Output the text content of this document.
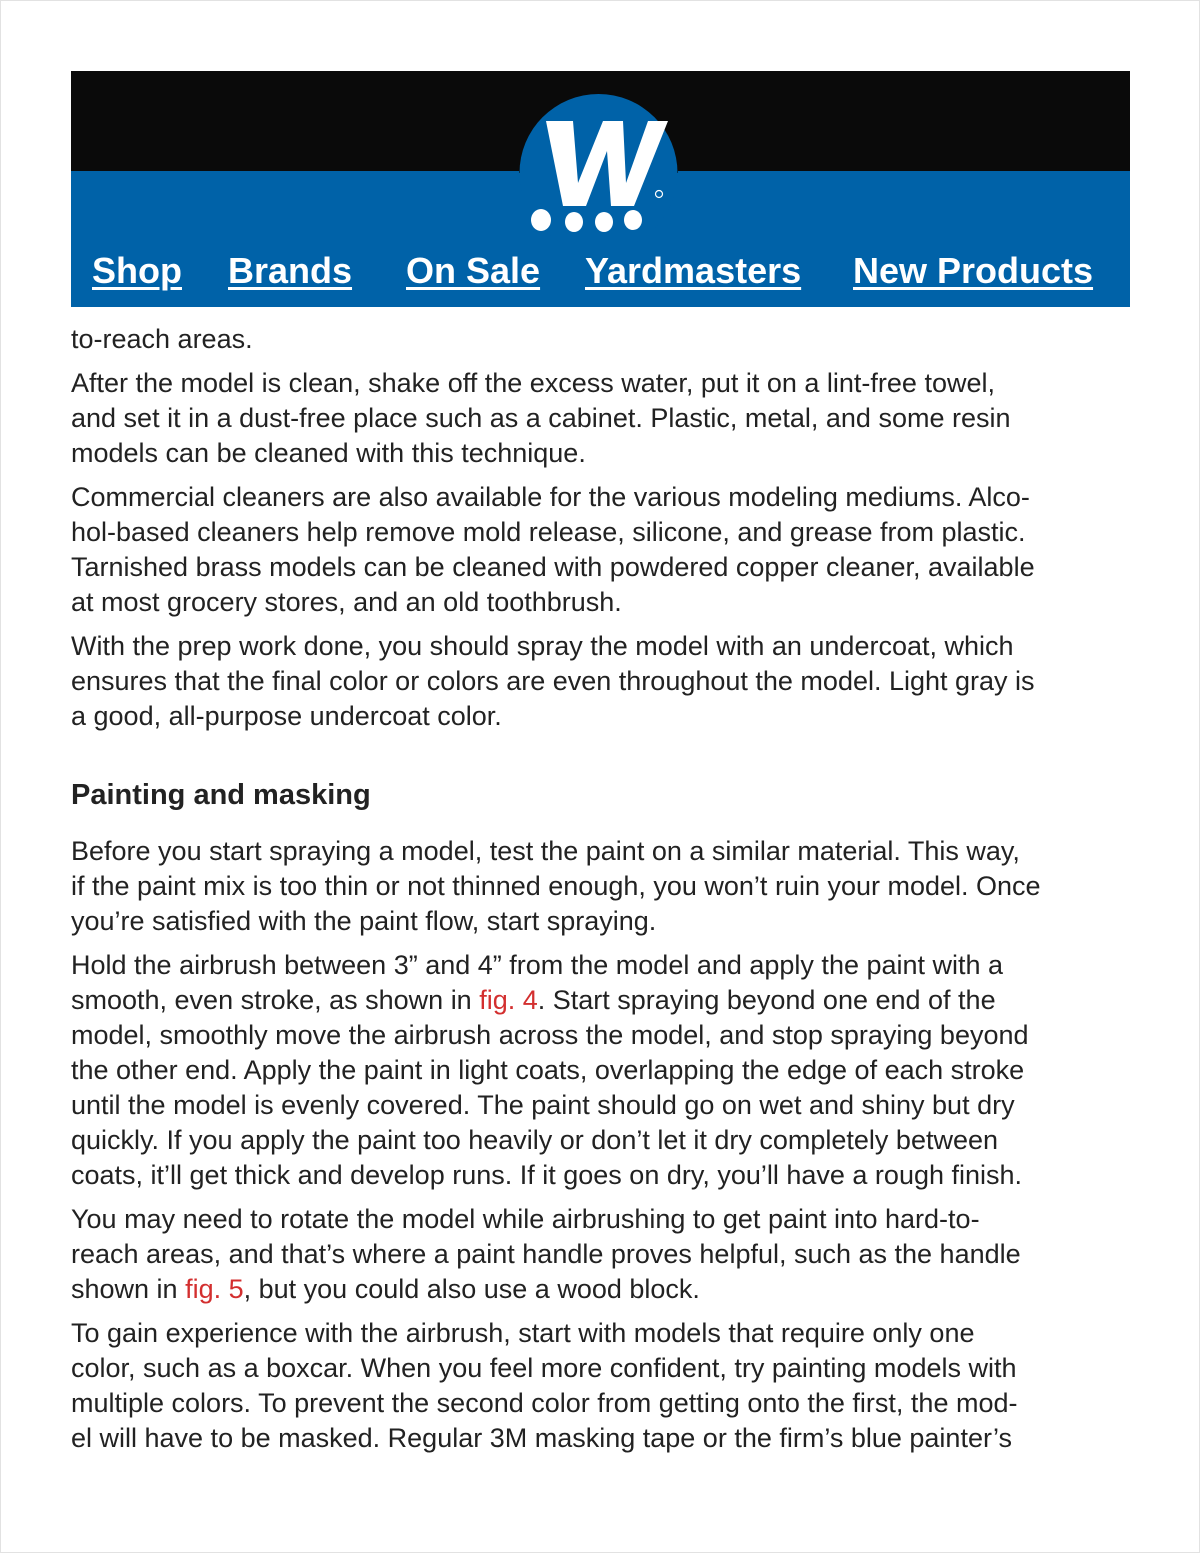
Shop Brands On Sale Yardmasters New Products

to-reach areas.

After the model is clean, shake off the excess water, put it on a lint-free towel,
and set it in a dust-free place such as a cabinet. Plastic, metal, and some resin
models can be cleaned with this technique.

Commercial cleaners are also available for the various modeling mediums. Alco-
hol-based cleaners help remove mold release, silicone, and grease from plastic.
Tarnished brass models can be cleaned with powdered copper cleaner, available
at most grocery stores, and an old toothbrush.

With the prep work done, you should spray the model with an undercoat, which
ensures that the final color or colors are even throughout the model. Light gray is
a good, all-purpose undercoat color.

Painting and masking

Before you start spraying a model, test the paint on a similar material. This way,
if the paint mix is too thin or not thinned enough, you won’t ruin your model. Once
you’re satisfied with the paint flow, start spraying.

Hold the airbrush between 3” and 4” from the model and apply the paint with a
smooth, even stroke, as shown in fig. 4. Start spraying beyond one end of the
model, smoothly move the airbrush across the model, and stop spraying beyond
the other end. Apply the paint in light coats, overlapping the edge of each stroke
until the model is evenly covered. The paint should go on wet and shiny but dry
quickly. If you apply the paint too heavily or don’t let it dry completely between
coats, it’ll get thick and develop runs. If it goes on dry, you’ll have a rough finish.

You may need to rotate the model while airbrushing to get paint into hard-to-
reach areas, and that’s where a paint handle proves helpful, such as the handle
shown in fig. 5, but you could also use a wood block.

To gain experience with the airbrush, start with models that require only one
color, such as a boxcar. When you feel more confident, try painting models with
multiple colors. To prevent the second color from getting onto the first, the mod-
el will have to be masked. Regular 3M masking tape or the firm’s blue painter’s
